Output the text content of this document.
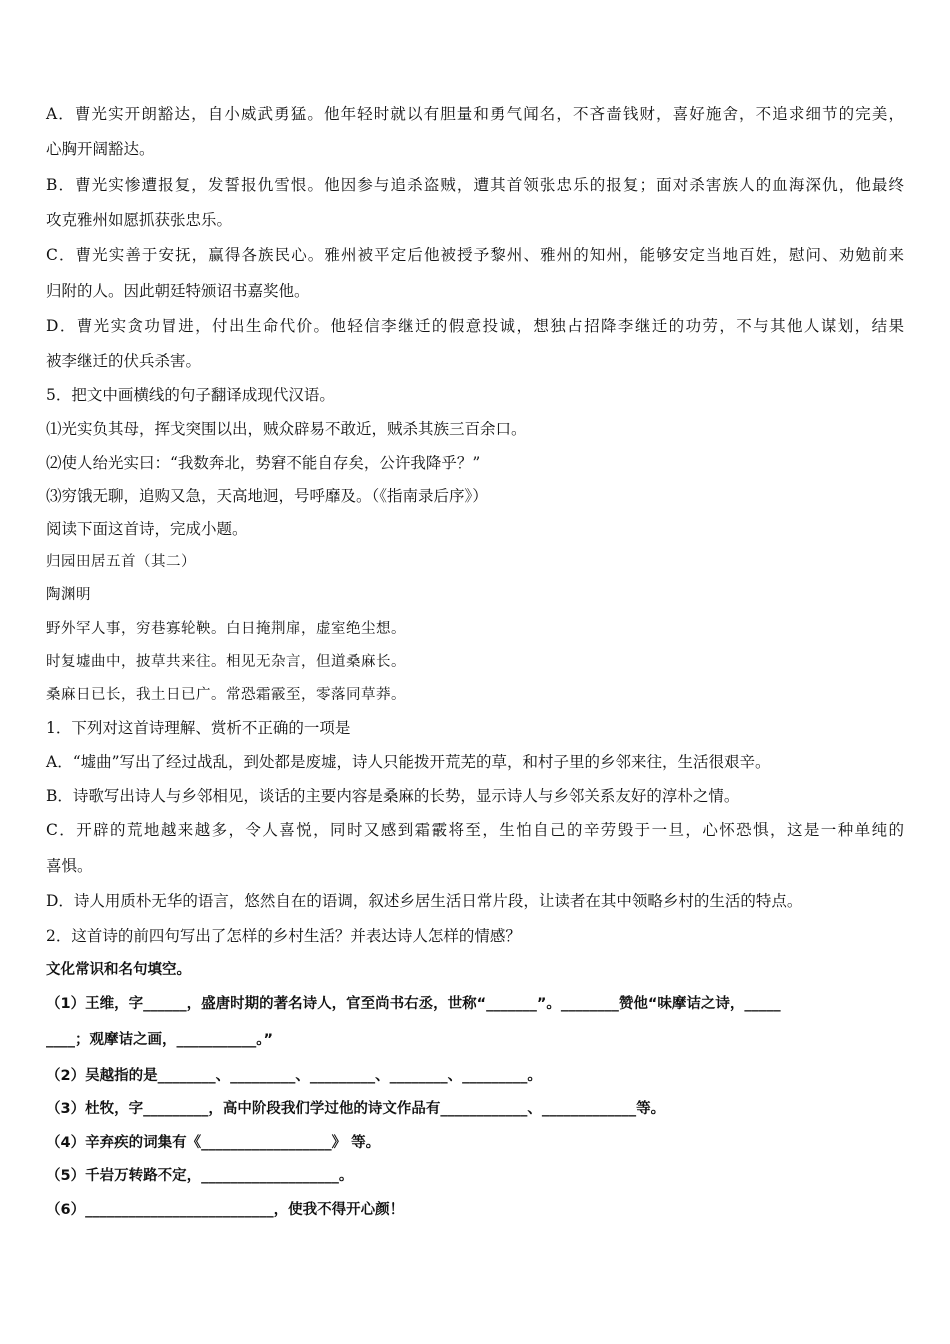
A．曹光实开朗豁达，自小威武勇猛。他年轻时就以有胆量和勇气闻名，不吝啬钱财，喜好施舍，不追求细节的完美，
心胸开阔豁达。
B．曹光实惨遭报复，发誓报仇雪恨。他因参与追杀盗贼，遭其首领张忠乐的报复；面对杀害族人的血海深仇，他最终
攻克雅州如愿抓获张忠乐。
C．曹光实善于安抚，赢得各族民心。雅州被平定后他被授予黎州、雅州的知州，能够安定当地百姓，慰问、劝勉前来
归附的人。因此朝廷特颁诏书嘉奖他。
D．曹光实贪功冒进，付出生命代价。他轻信李继迁的假意投诚，想独占招降李继迁的功劳，不与其他人谋划，结果
被李继迁的伏兵杀害。
5．把文中画横线的句子翻译成现代汉语。
⑴光实负其母，挥戈突围以出，贼众辟易不敢近，贼杀其族三百余口。
⑵使人绐光实曰：“我数奔北，势窘不能自存矣，公许我降乎？”
⑶穷饿无聊，追购又急，天高地迥，号呼靡及。（《指南录后序》）
阅读下面这首诗，完成小题。
归园田居五首（其二）
陶渊明
野外罕人事，穷巷寡轮鞅。白日掩荆扉，虚室绝尘想。
时复墟曲中，披草共来往。相见无杂言，但道桑麻长。
桑麻日已长，我土日已广。常恐霜霰至，零落同草莽。
1．下列对这首诗理解、赏析不正确的一项是
A．“墟曲”写出了经过战乱，到处都是废墟，诗人只能拨开荒芜的草，和村子里的乡邻来往，生活很艰辛。
B．诗歌写出诗人与乡邻相见，谈话的主要内容是桑麻的长势，显示诗人与乡邻关系友好的淳朴之情。
C．开辟的荒地越来越多，令人喜悦，同时又感到霜霰将至，生怕自己的辛劳毁于一旦，心怀恐惧，这是一种单纯的
喜惧。
D．诗人用质朴无华的语言，悠然自在的语调，叙述乡居生活日常片段，让读者在其中领略乡村的生活的特点。
2．这首诗的前四句写出了怎样的乡村生活？并表达诗人怎样的情感？
文化常识和名句填空。
（1）王维，字______，盛唐时期的著名诗人，官至尚书右丞，世称“_______”。________赞他“味摩诘之诗，_____
____；观摩诘之画，___________。”
（2）吴越指的是________、_________、_________、________、_________。
（3）杜牧，字_________，高中阶段我们学过他的诗文作品有____________、_____________等。
（4）辛弃疾的词集有《__________________》 等。
（5）千岩万转路不定，___________________。
（6）__________________________，使我不得开心颜！
